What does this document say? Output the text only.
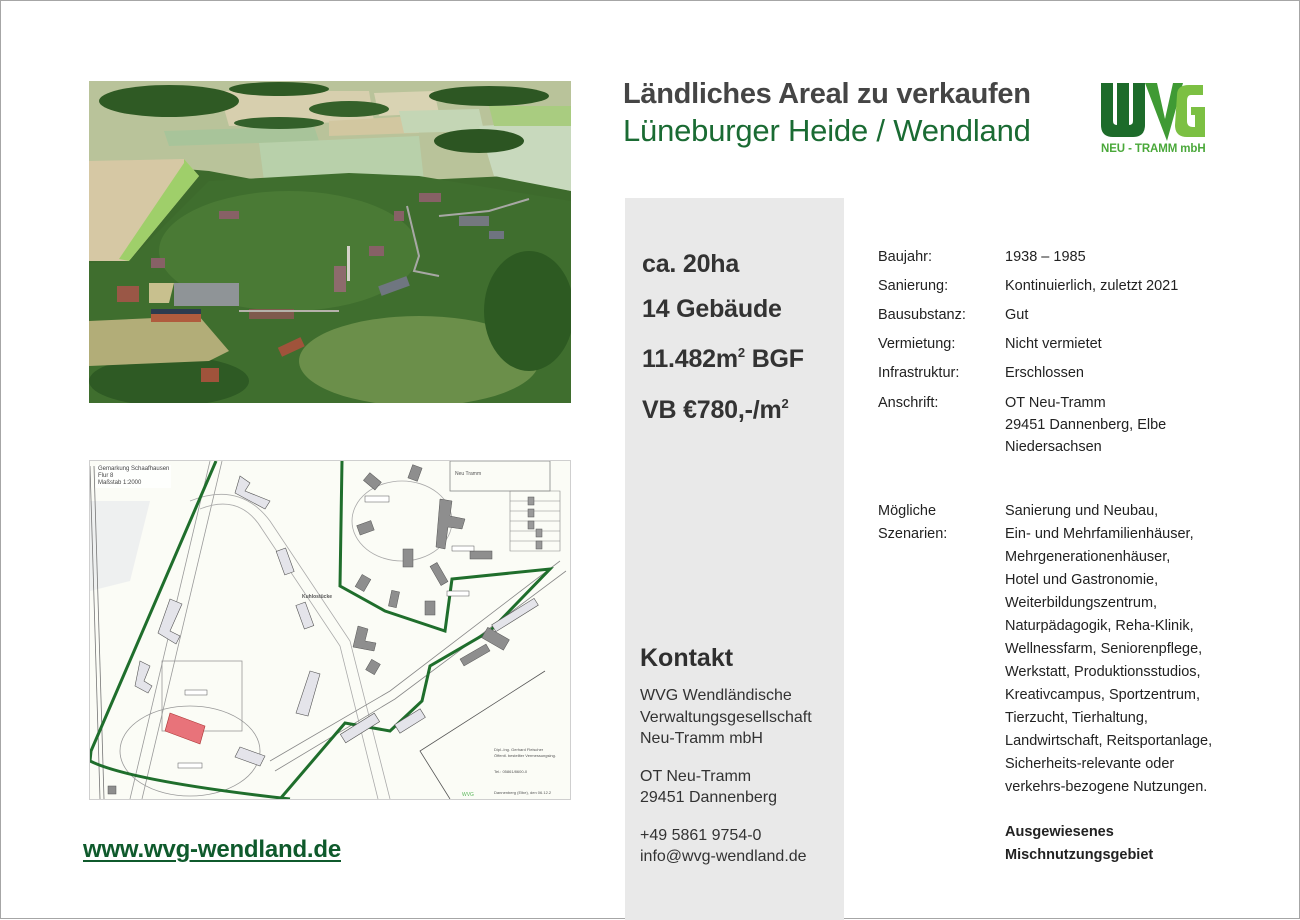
Neu Tramm
Kuhlostücke
Dipl.-Ing. Gerhard Fleischer
Öffentl. bestellter Vermessungsing.
Tel.: 05861/8600-0
Dannenberg (Elbe), den 06.12.2
WVG
Gemarkung Schaafhausen
Flur 8
Maßstab 1:2000
www.wvg-wendland.de
Ländliches Areal zu verkaufen
Lüneburger Heide / Wendland
NEU - TRAMM mbH
ca. 20ha
14 Gebäude
$11.482m^2$ BGF
VB $€780,-/m^2$
Kontakt
WVG Wendländische
Verwaltungsgesellschaft
Neu-Tramm mbH
OT Neu-Tramm
29451 Dannenberg
+49 5861 9754-0
info@wvg-wendland.de
Baujahr:	1938 – 1985
Sanierung:	Kontinuierlich, zuletzt 2021
Bausubstanz:	Gut
Vermietung:	Nicht vermietet
Infrastruktur:	Erschlossen
Anschrift:	OT Neu-Tramm
29451 Dannenberg, Elbe
Niedersachsen
Mögliche
Szenarien:
Sanierung und Neubau,
Ein- und Mehrfamilienhäuser,
Mehrgenerationenhäuser,
Hotel und Gastronomie,
Weiterbildungszentrum,
Naturpädagogik, Reha-Klinik,
Wellnessfarm, Seniorenpflege,
Werkstatt, Produktionsstudios,
Kreativcampus, Sportzentrum,
Tierzucht, Tierhaltung,
Landwirtschaft, Reitsportanlage,
Sicherheits-relevante oder
verkehrs-bezogene Nutzungen.
Ausgewiesenes
Mischnutzungsgebiet
